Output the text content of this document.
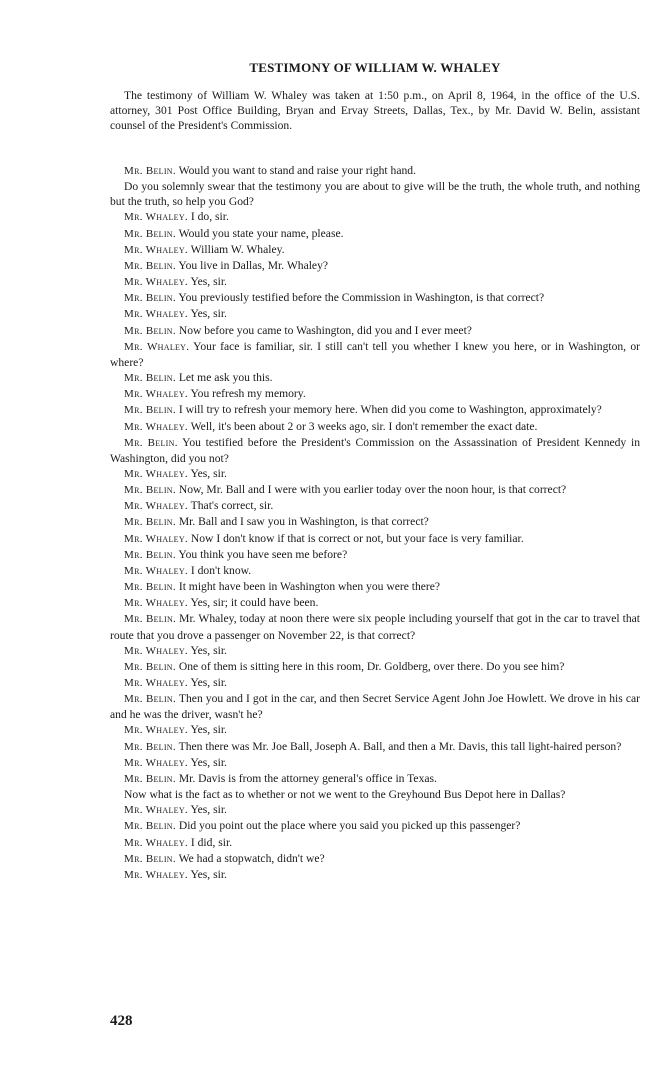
TESTIMONY OF WILLIAM W. WHALEY

The testimony of William W. Whaley was taken at 1:50 p.m., on April 8, 1964, in the office of the U.S. attorney, 301 Post Office Building, Bryan and Ervay Streets, Dallas, Tex., by Mr. David W. Belin, assistant counsel of the President's Commission.

Mr. Belin. Would you want to stand and raise your right hand.

Do you solemnly swear that the testimony you are about to give will be the truth, the whole truth, and nothing but the truth, so help you God?

Mr. Whaley. I do, sir.

Mr. Belin. Would you state your name, please.

Mr. Whaley. William W. Whaley.

Mr. Belin. You live in Dallas, Mr. Whaley?

Mr. Whaley. Yes, sir.

Mr. Belin. You previously testified before the Commission in Washington, is that correct?

Mr. Whaley. Yes, sir.

Mr. Belin. Now before you came to Washington, did you and I ever meet?

Mr. Whaley. Your face is familiar, sir. I still can't tell you whether I knew you here, or in Washington, or where?

Mr. Belin. Let me ask you this.

Mr. Whaley. You refresh my memory.

Mr. Belin. I will try to refresh your memory here. When did you come to Washington, approximately?

Mr. Whaley. Well, it's been about 2 or 3 weeks ago, sir. I don't remember the exact date.

Mr. Belin. You testified before the President's Commission on the Assassination of President Kennedy in Washington, did you not?

Mr. Whaley. Yes, sir.

Mr. Belin. Now, Mr. Ball and I were with you earlier today over the noon hour, is that correct?

Mr. Whaley. That's correct, sir.

Mr. Belin. Mr. Ball and I saw you in Washington, is that correct?

Mr. Whaley. Now I don't know if that is correct or not, but your face is very familiar.

Mr. Belin. You think you have seen me before?

Mr. Whaley. I don't know.

Mr. Belin. It might have been in Washington when you were there?

Mr. Whaley. Yes, sir; it could have been.

Mr. Belin. Mr. Whaley, today at noon there were six people including yourself that got in the car to travel that route that you drove a passenger on November 22, is that correct?

Mr. Whaley. Yes, sir.

Mr. Belin. One of them is sitting here in this room, Dr. Goldberg, over there. Do you see him?

Mr. Whaley. Yes, sir.

Mr. Belin. Then you and I got in the car, and then Secret Service Agent John Joe Howlett. We drove in his car and he was the driver, wasn't he?

Mr. Whaley. Yes, sir.

Mr. Belin. Then there was Mr. Joe Ball, Joseph A. Ball, and then a Mr. Davis, this tall light-haired person?

Mr. Whaley. Yes, sir.

Mr. Belin. Mr. Davis is from the attorney general's office in Texas.

Now what is the fact as to whether or not we went to the Greyhound Bus Depot here in Dallas?

Mr. Whaley. Yes, sir.

Mr. Belin. Did you point out the place where you said you picked up this passenger?

Mr. Whaley. I did, sir.

Mr. Belin. We had a stopwatch, didn't we?

Mr. Whaley. Yes, sir.

428
